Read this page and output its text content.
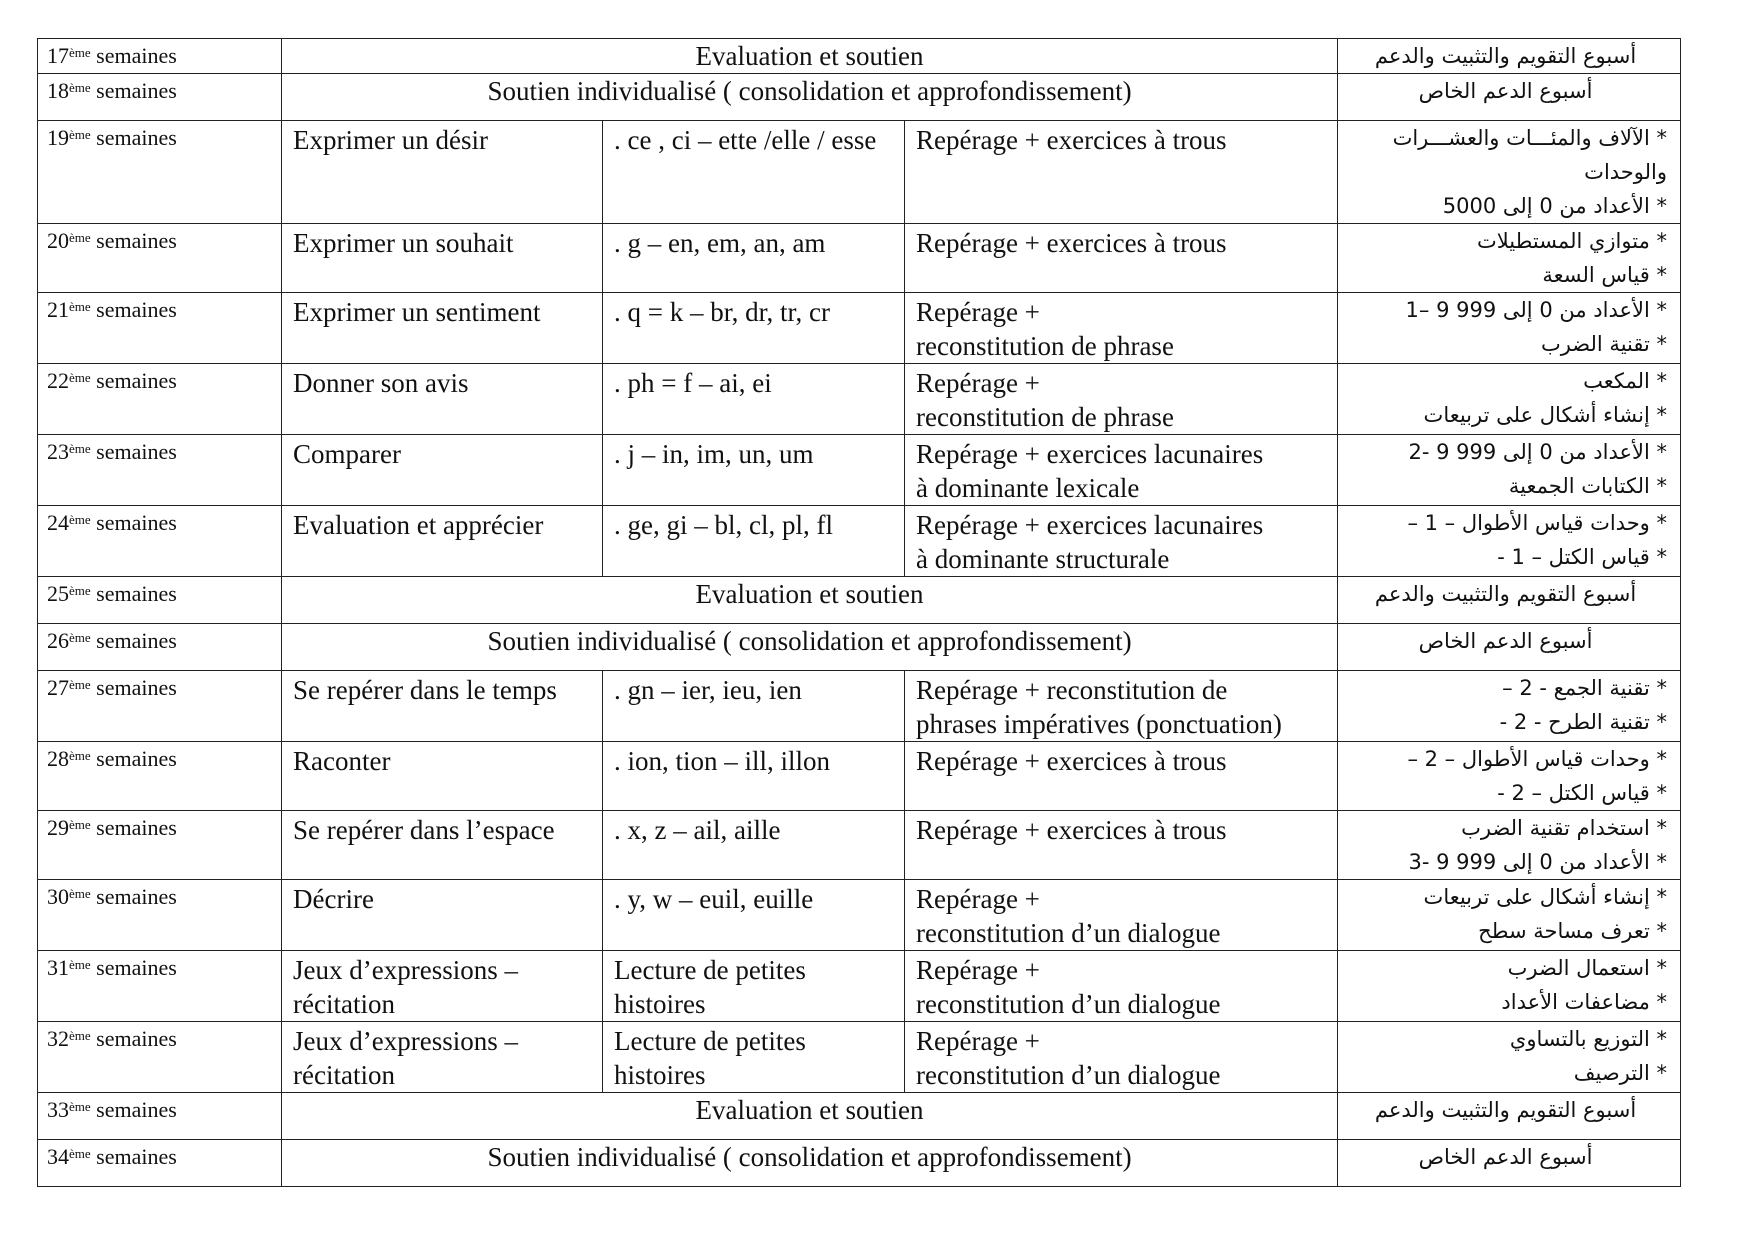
17ème semaines	Evaluation et soutien			أسبوع التقويم والتثبيت والدعم

18ème semaines	Soutien individualisé ( consolidation et approfondissement)			أسبوع الدعم الخاص

19ème semaines	Exprimer un désir	. ce , ci – ette /elle / esse	Repérage + exercices à trous	* الآلاف والمئـــات والعشـــرات والوحدات
* الأعداد من 0 إلى 5000

20ème semaines	Exprimer un souhait	. g – en, em, an, am	Repérage + exercices à trous	* متوازي المستطيلات
* قياس السعة

21ème semaines	Exprimer un sentiment	. q = k – br, dr, tr, cr	Repérage +
reconstitution de phrase	* الأعداد من 0 إلى 999 9 –1
* تقنية الضرب

22ème semaines	Donner son avis	. ph = f – ai, ei	Repérage +
reconstitution de phrase	* المكعب
* إنشاء أشكال على تربيعات

23ème semaines	Comparer	. j – in, im, un, um	Repérage + exercices lacunaires
à dominante lexicale	* الأعداد من 0 إلى 999 9 -2
* الكتابات الجمعية

24ème semaines	Evaluation et apprécier	. ge, gi – bl, cl, pl, fl	Repérage + exercices lacunaires
à dominante structurale	* وحدات قياس الأطوال – 1 –
* قياس الكتل – 1 -

25ème semaines	Evaluation et soutien			أسبوع التقويم والتثبيت والدعم

26ème semaines	Soutien individualisé ( consolidation et approfondissement)			أسبوع الدعم الخاص

27ème semaines	Se repérer dans le temps	. gn – ier, ieu, ien	Repérage + reconstitution de
phrases impératives (ponctuation)	* تقنية الجمع - 2 –
* تقنية الطرح - 2 -

28ème semaines	Raconter	. ion, tion – ill, illon	Repérage + exercices à trous	* وحدات قياس الأطوال – 2 –
* قياس الكتل – 2 -

29ème semaines	Se repérer dans l’espace	. x, z – ail, aille	Repérage + exercices à trous	* استخدام تقنية الضرب
* الأعداد من 0 إلى 999 9 -3

30ème semaines	Décrire	. y, w – euil, euille	Repérage +
reconstitution d’un dialogue	* إنشاء أشكال على تربيعات
* تعرف مساحة سطح

31ème semaines	Jeux d’expressions –
récitation	Lecture de petites
histoires	Repérage +
reconstitution d’un dialogue	* استعمال الضرب
* مضاعفات الأعداد

32ème semaines	Jeux d’expressions –
récitation	Lecture de petites
histoires	Repérage +
reconstitution d’un dialogue	* التوزيع بالتساوي
* الترصيف

33ème semaines	Evaluation et soutien			أسبوع التقويم والتثبيت والدعم

34ème semaines	Soutien individualisé ( consolidation et approfondissement)			أسبوع الدعم الخاص
